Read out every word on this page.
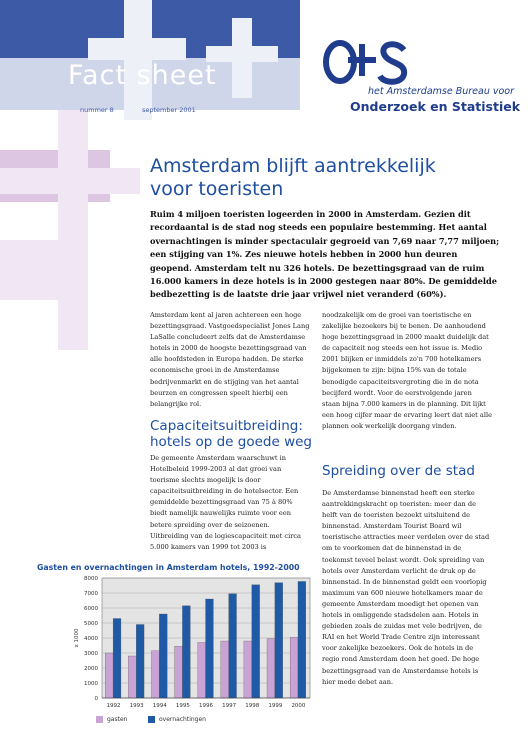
Fact sheet
nummer 8	september 2001
het Amsterdamse Bureau voor
Onderzoek en Statistiek
Amsterdam blijft aantrekkelijk voor toeristen
Ruim 4 miljoen toeristen logeerden in 2000 in Amsterdam. Gezien dit recordaantal is de stad nog steeds een populaire bestemming. Het aantal overnachtingen is minder spectaculair gegroeid van 7,69 naar 7,77 miljoen; een stijging van 1%. Zes nieuwe hotels hebben in 2000 hun deuren geopend. Amsterdam telt nu 326 hotels. De bezettingsgraad van de ruim 16.000 kamers in deze hotels is in 2000 gestegen naar 80%. De gemiddelde bedbezetting is de laatste drie jaar vrijwel niet veranderd (60%).

Amsterdam kent al jaren achtereen een hoge bezettingsgraad. Vastgoedspecialist Jones Lang LaSalle concludeert zelfs dat de Amsterdamse hotels in 2000 de hoogste bezettingsgraad van alle hoofdsteden in Europa hadden. De sterke economische groei in de Amsterdamse bedrijvenmarkt en de stijging van het aantal beurzen en congressen speelt hierbij een belangrijke rol.

Capaciteitsuitbreiding: hotels op de goede weg

De gemeente Amsterdam waarschuwt in Hotelbeleid 1999-2003 al dat groei van toerisme slechts mogelijk is door capaciteitsuitbreiding in de hotelsector. Een gemiddelde bezettingsgraad van 75 à 80% biedt namelijk nauwelijks ruimte voor een betere spreiding over de seizoenen. Uitbreiding van de logiescapaciteit met circa 5.000 kamers van 1999 tot 2003 is

noodzakelijk om de groei van toeristische en zakelijke bezoekers bij te benen. De aanhoudend hoge bezettingsgraad in 2000 maakt duidelijk dat de capaciteit nog steeds een hot issue is. Medio 2001 blijken er inmiddels zo'n 700 hotelkamers bijgekomen te zijn: bijna 15% van de totale benodigde capaciteitsvergroting die in de nota becijferd wordt. Voor de eerstvolgende jaren staan bijna 7.000 kamers in de planning. Dit lijkt een hoog cijfer maar de ervaring leert dat niet alle plannen ook werkelijk doorgang vinden.

Spreiding over de stad

De Amsterdamse binnenstad heeft een sterke aantrekkingskracht op toeristen: meer dan de helft van de toeristen bezoekt uitsluitend de binnenstad. Amsterdam Tourist Board wil toeristische attracties meer verdelen over de stad om te voorkomen dat de binnenstad in de toekomst teveel belast wordt. Ook spreiding van hotels over Amsterdam verlicht de druk op de binnenstad. In de binnenstad geldt een voorlopig maximum van 600 nieuwe hotelkamers maar de gemeente Amsterdam moedigt het openen van hotels in omliggende stadsdelen aan. Hotels in gebieden zoals de zuidas met vele bedrijven, de RAI en het World Trade Centre zijn interessant voor zakelijke bezoekers. Ook de hotels in de regio rond Amsterdam doen het goed. De hoge bezettingsgraad van de Amsterdamse hotels is hier mede debet aan.

Gasten en overnachtingen in Amsterdam hotels, 1992-2000
0
1000
2000
3000
4000
5000
6000
7000
8000
x 1000
1992 1993 1994 1995 1996 1997 1998 1999 2000
gasten	overnachtingen
